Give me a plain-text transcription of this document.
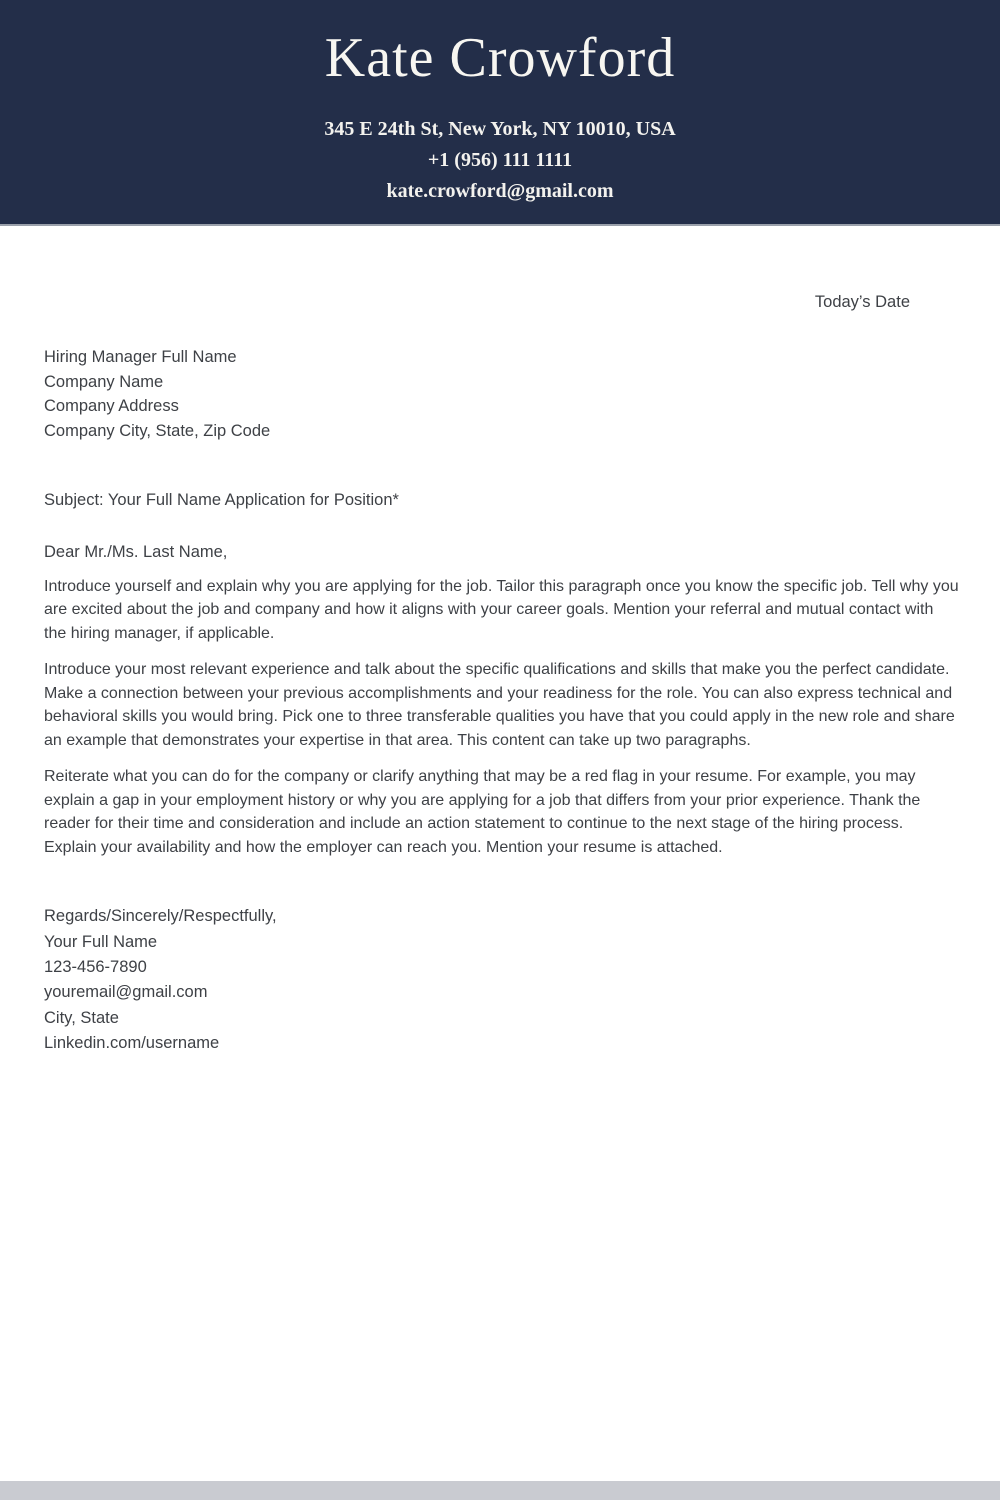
Kate Crowford
345 E 24th St, New York, NY 10010, USA
+1 (956) 111 1111
kate.crowford@gmail.com
Today’s Date
Hiring Manager Full Name
Company Name
Company Address
Company City, State, Zip Code
Subject: Your Full Name Application for Position*
Dear Mr./Ms. Last Name,

Introduce yourself and explain why you are applying for the job. Tailor this paragraph once you know the specific job. Tell why you are excited about the job and company and how it aligns with your career goals. Mention your referral and mutual contact with the hiring manager, if applicable.

Introduce your most relevant experience and talk about the specific qualifications and skills that make you the perfect candidate. Make a connection between your previous accomplishments and your readiness for the role. You can also express technical and behavioral skills you would bring. Pick one to three transferable qualities you have that you could apply in the new role and share an example that demonstrates your expertise in that area. This content can take up two paragraphs.

Reiterate what you can do for the company or clarify anything that may be a red flag in your resume. For example, you may explain a gap in your employment history or why you are applying for a job that differs from your prior experience. Thank the reader for their time and consideration and include an action statement to continue to the next stage of the hiring process. Explain your availability and how the employer can reach you. Mention your resume is attached.

Regards/Sincerely/Respectfully,
Your Full Name
123-456-7890
youremail@gmail.com
City, State
Linkedin.com/username
